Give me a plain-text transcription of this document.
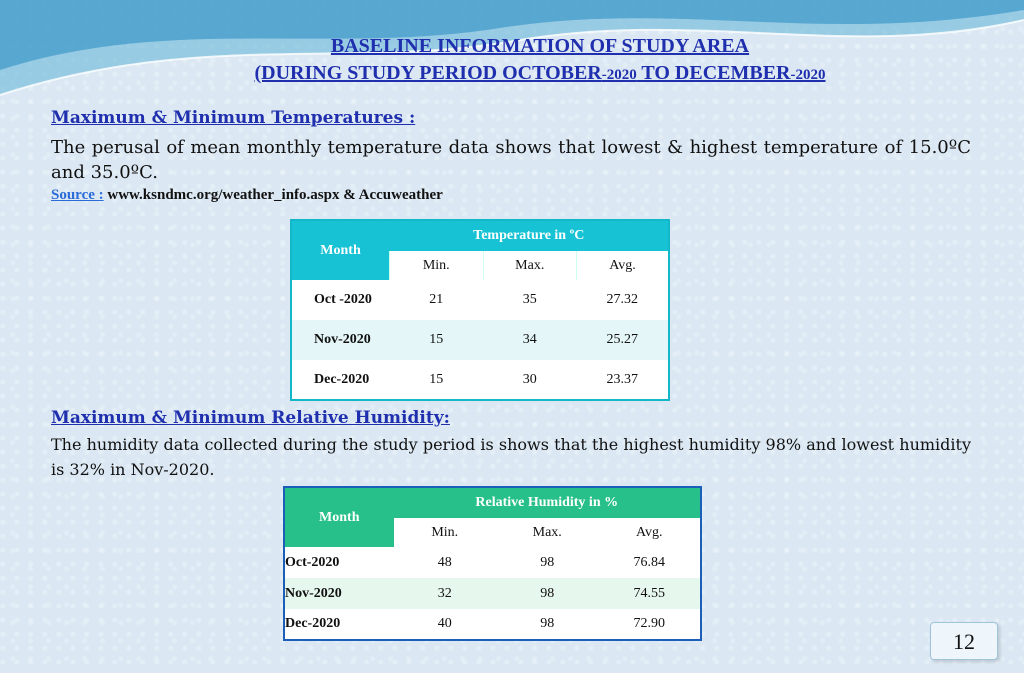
BASELINE INFORMATION OF STUDY AREA
(DURING STUDY PERIOD OCTOBER-2020 TO DECEMBER-2020
Maximum & Minimum Temperatures :
The perusal of mean monthly temperature data shows that lowest & highest temperature of 15.0ºC and 35.0ºC.
Source : www.ksndmc.org/weather_info.aspx & Accuweather
Month	Temperature in ºC		
	Min.	Max.	Avg.
Oct -2020	21	35	27.32
Nov-2020	15	34	25.27
Dec-2020	15	30	23.37
Maximum & Minimum Relative Humidity:
The humidity data collected during the study period is shows that the highest humidity 98% and lowest humidity is 32% in Nov-2020.
Month	Relative Humidity in %		
	Min.	Max.	Avg.
Oct-2020	48	98	76.84
Nov-2020	32	98	74.55
Dec-2020	40	98	72.90
12
